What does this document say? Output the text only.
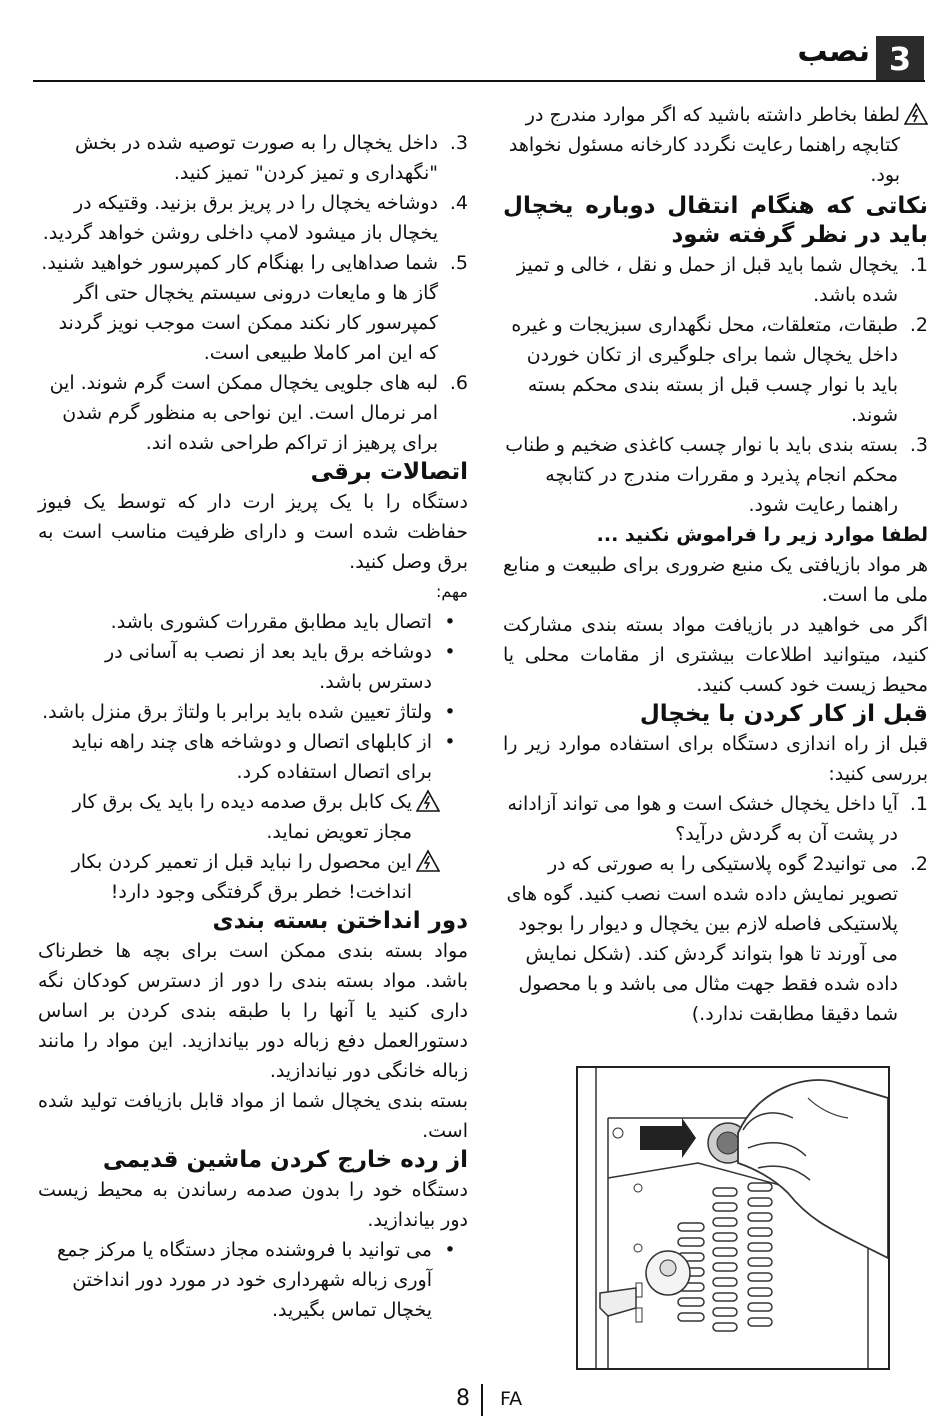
3
نصب
لطفا بخاطر داشته باشید که اگر موارد مندرج در کتابچه راهنما رعایت نگردد کارخانه مسئول نخواهد بود.

نکاتی که هنگام انتقال دوباره یخچال باید در نظر گرفته شود

1.
یخچال شما باید قبل از حمل و نقل ، خالی و تمیز شده باشد.
2.
طبقات، متعلقات، محل نگهداری سبزیجات و غیره داخل یخچال شما برای جلوگیری از تکان خوردن باید با نوار چسب قبل از بسته بندی محکم بسته شوند.
3.
بسته بندی باید با نوار چسب کاغذی ضخیم و طناب محکم انجام پذیرد و مقررات مندرج در کتابچه راهنما رعایت شود.

لطفا موارد زیر را فراموش نکنید ...

هر مواد بازیافتی یک منبع ضروری برای طبیعت و منابع ملی ما است.

اگر می خواهید در بازیافت مواد بسته بندی مشارکت کنید، میتوانید اطلاعات بیشتری از مقامات محلی یا محیط زیست خود کسب کنید.

قبل از کار کردن با یخچال

قبل از راه اندازی دستگاه برای استفاده موارد زیر را بررسی کنید:

1.
آیا داخل یخچال خشک است و هوا می تواند آزادانه در پشت آن به گردش درآید؟
2.
می توانید2 گوه پلاستیکی را به صورتی که در تصویر نمایش داده شده است نصب کنید. گوه های پلاستیکی فاصله لازم بین یخچال و دیوار را بوجود می آورند تا هوا بتواند گردش کند. (شکل نمایش داده شده فقط جهت مثال می باشد و با محصول شما دقیقا مطابقت ندارد.)
3.
داخل یخچال را به صورت توصیه شده در بخش "نگهداری و تمیز کردن" تمیز کنید.
4.
دوشاخه یخچال را در پریز برق بزنید. وقتیکه در یخچال باز میشود لامپ داخلی روشن خواهد گردید.
5.
شما صداهایی را بهنگام کار کمپرسور خواهید شنید. گاز ها و مایعات درونی سیستم یخچال حتی اگر کمپرسور کار نکند ممکن است موجب نویز گردند که این امر کاملا طبیعی است.
6.
لبه های جلویی یخچال ممکن است گرم شوند. این امر نرمال است. این نواحی به منظور گرم شدن برای پرهیز از تراکم طراحی شده اند.

اتصالات برقی

دستگاه را با یک پریز ارت دار که توسط یک فیوز حفاظت شده است و دارای ظرفیت مناسب است به برق وصل کنید.

مهم:

•
اتصال باید مطابق مقررات کشوری باشد.
•
دوشاخه برق باید بعد از نصب به آسانی در دسترس باشد.
•
ولتاژ تعیین شده باید برابر با ولتاژ برق منزل باشد.
•
از کابلهای اتصال و دوشاخه های چند راهه نباید برای اتصال استفاده کرد.
یک کابل برق صدمه دیده را باید یک برق کار مجاز تعویض نماید.
این محصول را نباید قبل از تعمیر کردن بکار انداخت! خطر برق گرفتگی وجود دارد!

دور انداختن بسته بندی

مواد بسته بندی ممکن است برای بچه ها خطرناک باشد. مواد بسته بندی را دور از دسترس کودکان نگه داری کنید یا آنها را با طبقه بندی کردن بر اساس دستورالعمل دفع زباله دور بیاندازید. این مواد را مانند زباله خانگی دور نیاندازید.

بسته بندی یخچال شما از مواد قابل بازیافت تولید شده است.

از رده خارج کردن ماشین قدیمی

دستگاه خود را بدون صدمه رساندن به محیط زیست دور بیاندازید.

•
می توانید با فروشنده مجاز دستگاه یا مرکز جمع آوری زباله شهرداری خود در مورد دور انداختن یخچال تماس بگیرید.
8 FA
